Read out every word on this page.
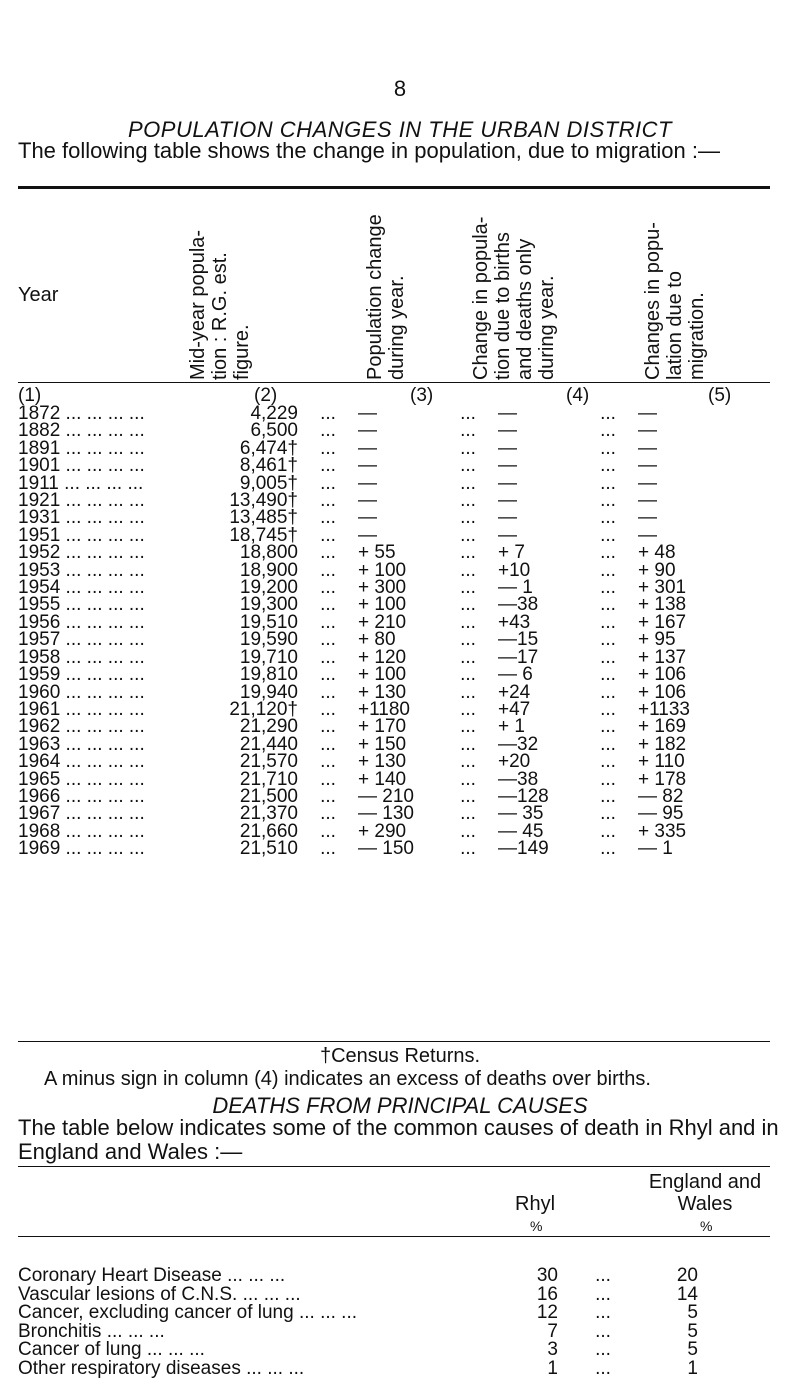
8
POPULATION CHANGES IN THE URBAN DISTRICT
The following table shows the change in population, due to migration :—
Year	Mid-year popula-tion : R.G. est. figure.	Population change during year.	Change in popula-tion due to births and deaths only during year.	Changes in popu-lation due to migration.
(1)	(2)	(3)	(4)	(5)
1872 ... ... ... ...	4,229	...	—	...	—	...	—
1882 ... ... ... ...	6,500	...	—	...	—	...	—
1891 ... ... ... ...	6,474†	...	—	...	—	...	—
1901 ... ... ... ...	8,461†	...	—	...	—	...	—
1911 ... ... ... ...	9,005†	...	—	...	—	...	—
1921 ... ... ... ...	13,490†	...	—	...	—	...	—
1931 ... ... ... ...	13,485†	...	—	...	—	...	—
1951 ... ... ... ...	18,745†	...	—	...	—	...	—
1952 ... ... ... ...	18,800	...	+ 55	...	+ 7	...	+ 48
1953 ... ... ... ...	18,900	...	+ 100	...	+10	...	+ 90
1954 ... ... ... ...	19,200	...	+ 300	...	— 1	...	+ 301
1955 ... ... ... ...	19,300	...	+ 100	...	—38	...	+ 138
1956 ... ... ... ...	19,510	...	+ 210	...	+43	...	+ 167
1957 ... ... ... ...	19,590	...	+ 80	...	—15	...	+ 95
1958 ... ... ... ...	19,710	...	+ 120	...	—17	...	+ 137
1959 ... ... ... ...	19,810	...	+ 100	...	— 6	...	+ 106
1960 ... ... ... ...	19,940	...	+ 130	...	+24	...	+ 106
1961 ... ... ... ...	21,120†	...	+1180	...	+47	...	+1133
1962 ... ... ... ...	21,290	...	+ 170	...	+ 1	...	+ 169
1963 ... ... ... ...	21,440	...	+ 150	...	—32	...	+ 182
1964 ... ... ... ...	21,570	...	+ 130	...	+20	...	+ 110
1965 ... ... ... ...	21,710	...	+ 140	...	—38	...	+ 178
1966 ... ... ... ...	21,500	...	— 210	...	—128	...	— 82
1967 ... ... ... ...	21,370	...	— 130	...	— 35	...	— 95
1968 ... ... ... ...	21,660	...	+ 290	...	— 45	...	+ 335
1969 ... ... ... ...	21,510	...	— 150	...	—149	...	— 1
†Census Returns.
A minus sign in column (4) indicates an excess of deaths over births.
DEATHS FROM PRINCIPAL CAUSES
The table below indicates some of the common causes of death in Rhyl and in England and Wales :—
Rhyl
England and Wales
%	%
Coronary Heart Disease ... ... ...	30	...	20
Vascular lesions of C.N.S. ... ... ...	16	...	14
Cancer, excluding cancer of lung ... ... ...	12	...	5
Bronchitis ... ... ...	7	...	5
Cancer of lung ... ... ...	3	...	5
Other respiratory diseases ... ... ...	1	...	1
